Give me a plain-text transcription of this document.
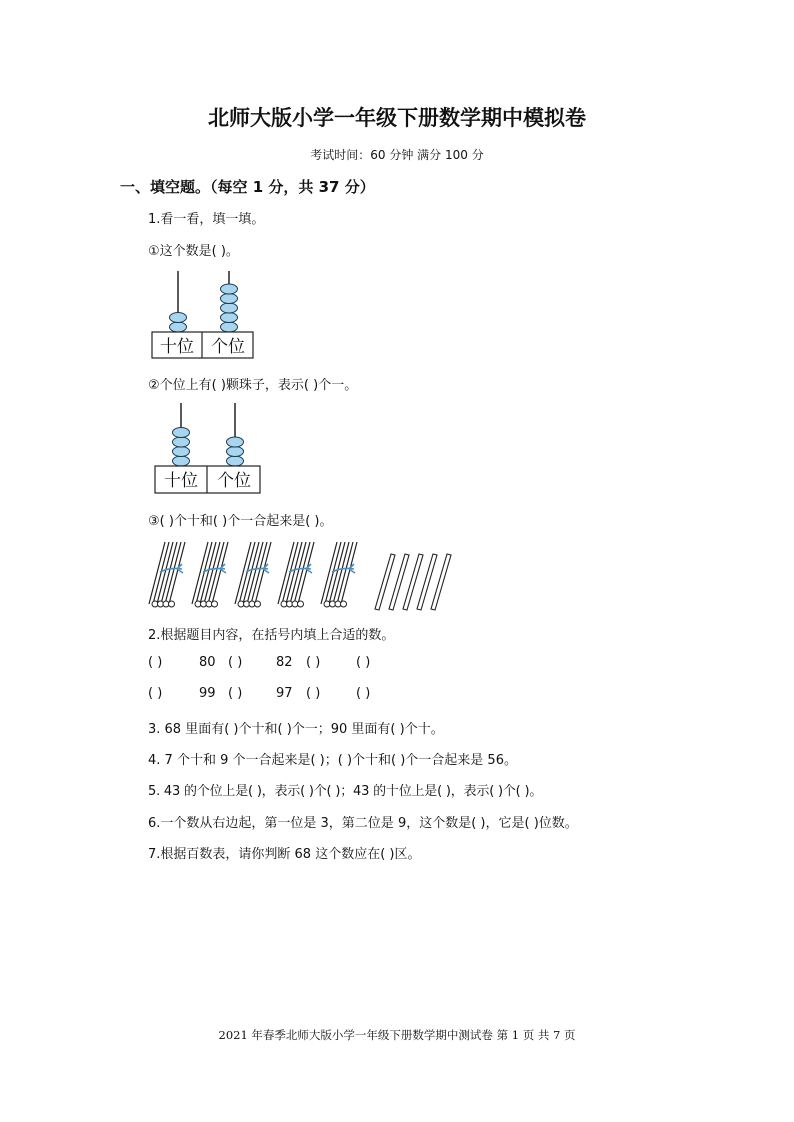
北师大版小学一年级下册数学期中模拟卷
考试时间：60 分钟 满分 100 分
一、填空题。（每空 1 分，共 37 分）
1.看一看，填一填。
①这个数是( )。
十位 个位
②个位上有( )颗珠子，表示( )个一。
十位 个位
③( )个十和( )个一合起来是( )。
2.根据题目内容，在括号内填上合适的数。
( )	80 ( )	82 ( )	( )
( )	99 ( )	97 ( )	( )
3. 68 里面有( )个十和( )个一；90 里面有( )个十。
4. 7 个十和 9 个一合起来是( )；( )个十和( )个一合起来是 56。
5. 43 的个位上是( )，表示( )个( )；43 的十位上是( )，表示( )个( )。
6.一个数从右边起，第一位是 3，第二位是 9，这个数是( )，它是( )位数。
7.根据百数表，请你判断 68 这个数应在( )区。
2021 年春季北师大版小学一年级下册数学期中测试卷 第 1 页 共 7 页
